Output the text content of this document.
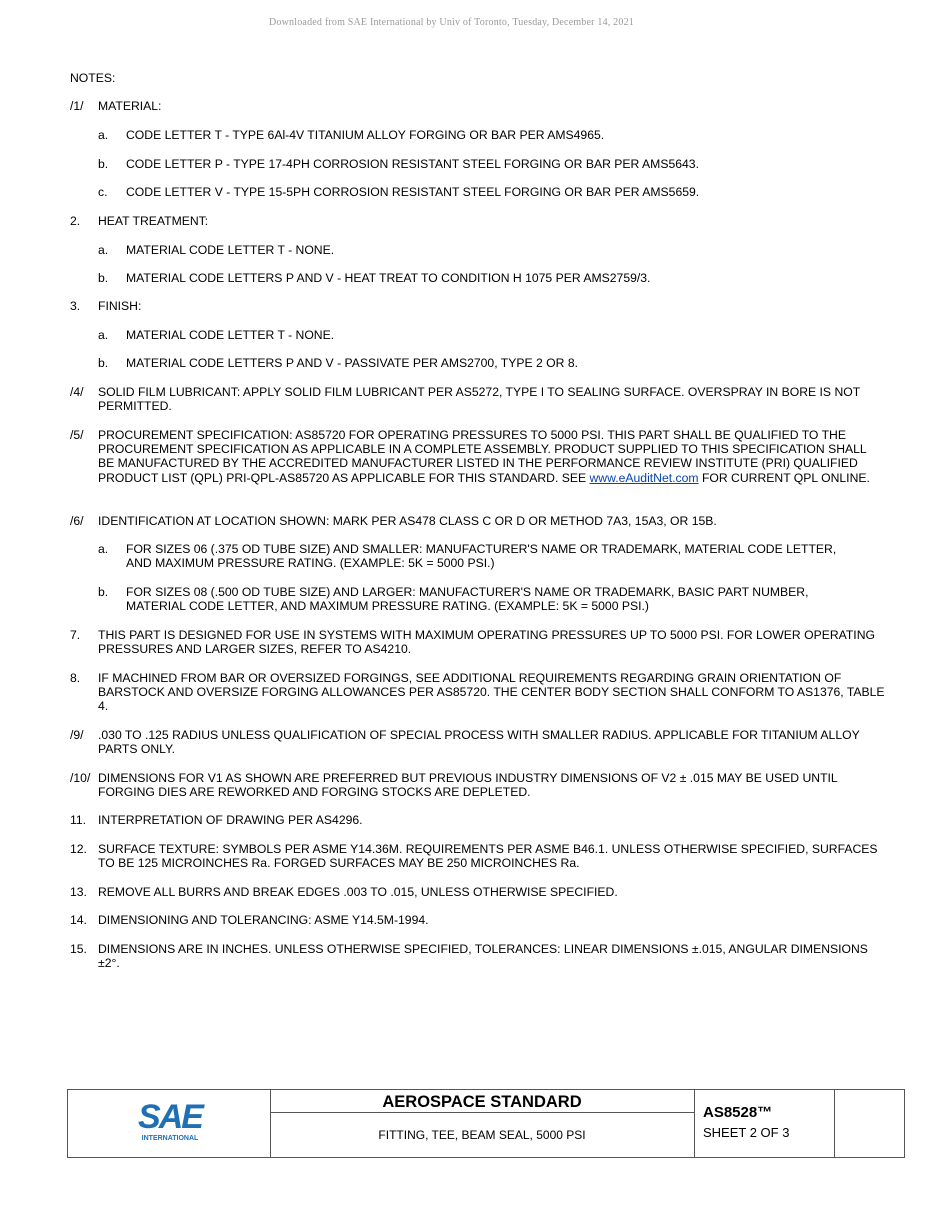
Downloaded from SAE International by Univ of Toronto, Tuesday, December 14, 2021
NOTES:
/1/ MATERIAL:
a. CODE LETTER T - TYPE 6Al-4V TITANIUM ALLOY FORGING OR BAR PER AMS4965.
b. CODE LETTER P - TYPE 17-4PH CORROSION RESISTANT STEEL FORGING OR BAR PER AMS5643.
c. CODE LETTER V - TYPE 15-5PH CORROSION RESISTANT STEEL FORGING OR BAR PER AMS5659.
2. HEAT TREATMENT:
a. MATERIAL CODE LETTER T - NONE.
b. MATERIAL CODE LETTERS P AND V - HEAT TREAT TO CONDITION H 1075 PER AMS2759/3.
3. FINISH:
a. MATERIAL CODE LETTER T - NONE.
b. MATERIAL CODE LETTERS P AND V - PASSIVATE PER AMS2700, TYPE 2 OR 8.
/4/ SOLID FILM LUBRICANT: APPLY SOLID FILM LUBRICANT PER AS5272, TYPE I TO SEALING SURFACE. OVERSPRAY IN BORE IS NOT PERMITTED.
/5/ PROCUREMENT SPECIFICATION: AS85720 FOR OPERATING PRESSURES TO 5000 PSI. THIS PART SHALL BE QUALIFIED TO THE PROCUREMENT SPECIFICATION AS APPLICABLE IN A COMPLETE ASSEMBLY. PRODUCT SUPPLIED TO THIS SPECIFICATION SHALL BE MANUFACTURED BY THE ACCREDITED MANUFACTURER LISTED IN THE PERFORMANCE REVIEW INSTITUTE (PRI) QUALIFIED PRODUCT LIST (QPL) PRI-QPL-AS85720 AS APPLICABLE FOR THIS STANDARD. SEE www.eAuditNet.com FOR CURRENT QPL ONLINE.
/6/ IDENTIFICATION AT LOCATION SHOWN: MARK PER AS478 CLASS C OR D OR METHOD 7A3, 15A3, OR 15B.
a. FOR SIZES 06 (.375 OD TUBE SIZE) AND SMALLER: MANUFACTURER'S NAME OR TRADEMARK, MATERIAL CODE LETTER, AND MAXIMUM PRESSURE RATING. (EXAMPLE: 5K = 5000 PSI.)
b. FOR SIZES 08 (.500 OD TUBE SIZE) AND LARGER: MANUFACTURER'S NAME OR TRADEMARK, BASIC PART NUMBER, MATERIAL CODE LETTER, AND MAXIMUM PRESSURE RATING. (EXAMPLE: 5K = 5000 PSI.)
7. THIS PART IS DESIGNED FOR USE IN SYSTEMS WITH MAXIMUM OPERATING PRESSURES UP TO 5000 PSI. FOR LOWER OPERATING PRESSURES AND LARGER SIZES, REFER TO AS4210.
8. IF MACHINED FROM BAR OR OVERSIZED FORGINGS, SEE ADDITIONAL REQUIREMENTS REGARDING GRAIN ORIENTATION OF BARSTOCK AND OVERSIZE FORGING ALLOWANCES PER AS85720. THE CENTER BODY SECTION SHALL CONFORM TO AS1376, TABLE 4.
/9/ .030 TO .125 RADIUS UNLESS QUALIFICATION OF SPECIAL PROCESS WITH SMALLER RADIUS. APPLICABLE FOR TITANIUM ALLOY PARTS ONLY.
/10/ DIMENSIONS FOR V1 AS SHOWN ARE PREFERRED BUT PREVIOUS INDUSTRY DIMENSIONS OF V2 ± .015 MAY BE USED UNTIL FORGING DIES ARE REWORKED AND FORGING STOCKS ARE DEPLETED.
11. INTERPRETATION OF DRAWING PER AS4296.
12. SURFACE TEXTURE: SYMBOLS PER ASME Y14.36M. REQUIREMENTS PER ASME B46.1. UNLESS OTHERWISE SPECIFIED, SURFACES TO BE 125 MICROINCHES Ra. FORGED SURFACES MAY BE 250 MICROINCHES Ra.
13. REMOVE ALL BURRS AND BREAK EDGES .003 TO .015, UNLESS OTHERWISE SPECIFIED.
14. DIMENSIONING AND TOLERANCING: ASME Y14.5M-1994.
15. DIMENSIONS ARE IN INCHES. UNLESS OTHERWISE SPECIFIED, TOLERANCES: LINEAR DIMENSIONS ±.015, ANGULAR DIMENSIONS ±2°.
SAE
INTERNATIONAL
AEROSPACE STANDARD
FITTING, TEE, BEAM SEAL, 5000 PSI
AS8528™
SHEET 2 OF 3
